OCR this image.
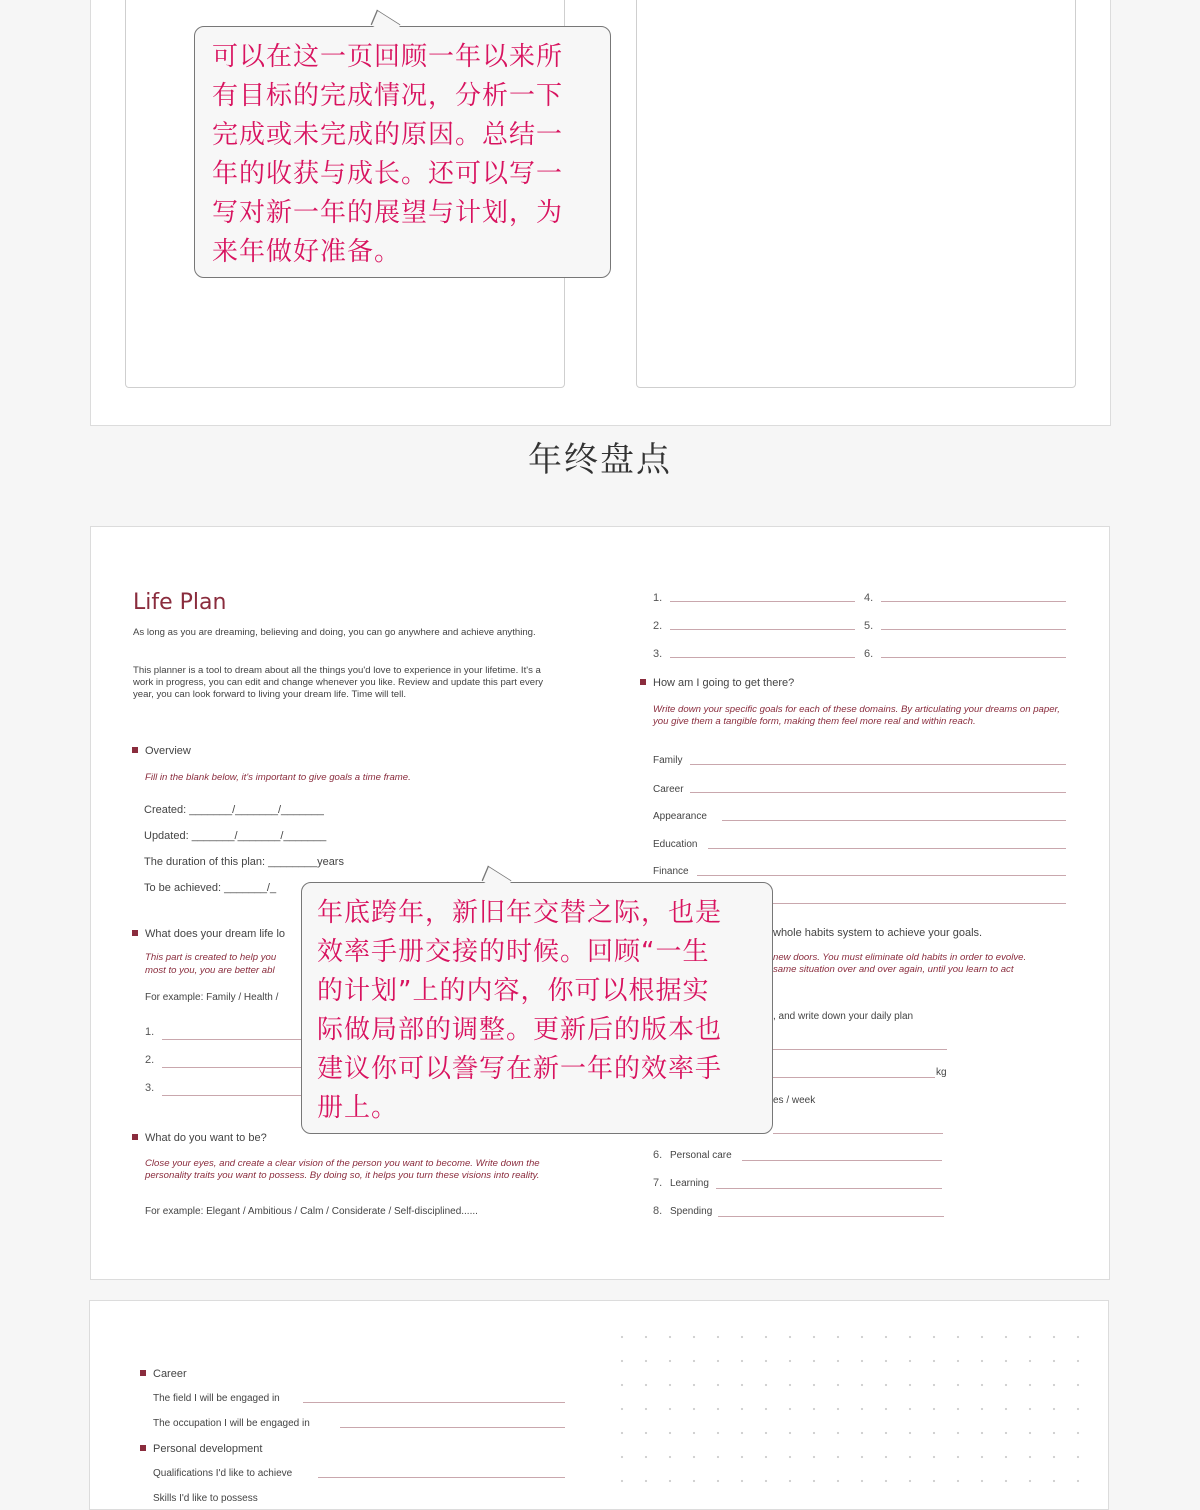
可以在这一页回顾一年以来所
有目标的完成情况，分析一下
完成或未完成的原因。总结一
年的收获与成长。还可以写一
写对新一年的展望与计划，为
来年做好准备。
年终盘点
Life Plan
As long as you are dreaming, believing and doing, you can go anywhere and achieve anything.
This planner is a tool to dream about all the things you'd love to experience in your lifetime. It's a work in progress, you can edit and change whenever you like. Review and update this part every year, you can look forward to living your dream life. Time will tell.
Overview
Fill in the blank below, it's important to give goals a time frame.
Created: _______/_______/_______
Updated: _______/_______/_______
The duration of this plan: ________years
To be achieved: _______/_
What does your dream life lo
This part is created to help you
most to you, you are better abl
For example: Family / Health /
1.
2.
3.
What do you want to be?
Close your eyes, and create a clear vision of the person you want to become. Write down the personality traits you want to possess. By doing so, it helps you turn these visions into reality.
For example: Elegant / Ambitious / Calm / Considerate / Self-disciplined......
1.
2.
3.
4.
5.
6.
How am I going to get there?
Write down your specific goals for each of these domains. By articulating your dreams on paper, you give them a tangible form, making them feel more real and within reach.
Family
Career
Appearance
Education
Finance
whole habits system to achieve your goals.
new doors. You must eliminate old habits in order to evolve.
same situation over and over again, until you learn to act
, and write down your daily plan
kg
es / week
6. Personal care
7. Learning
8. Spending
年底跨年，新旧年交替之际，也是
效率手册交接的时候。回顾“一生
的计划”上的内容，你可以根据实
际做局部的调整。更新后的版本也
建议你可以誊写在新一年的效率手
册上。
Career
The field I will be engaged in
The occupation I will be engaged in
Personal development
Qualifications I'd like to achieve
Skills I'd like to possess
